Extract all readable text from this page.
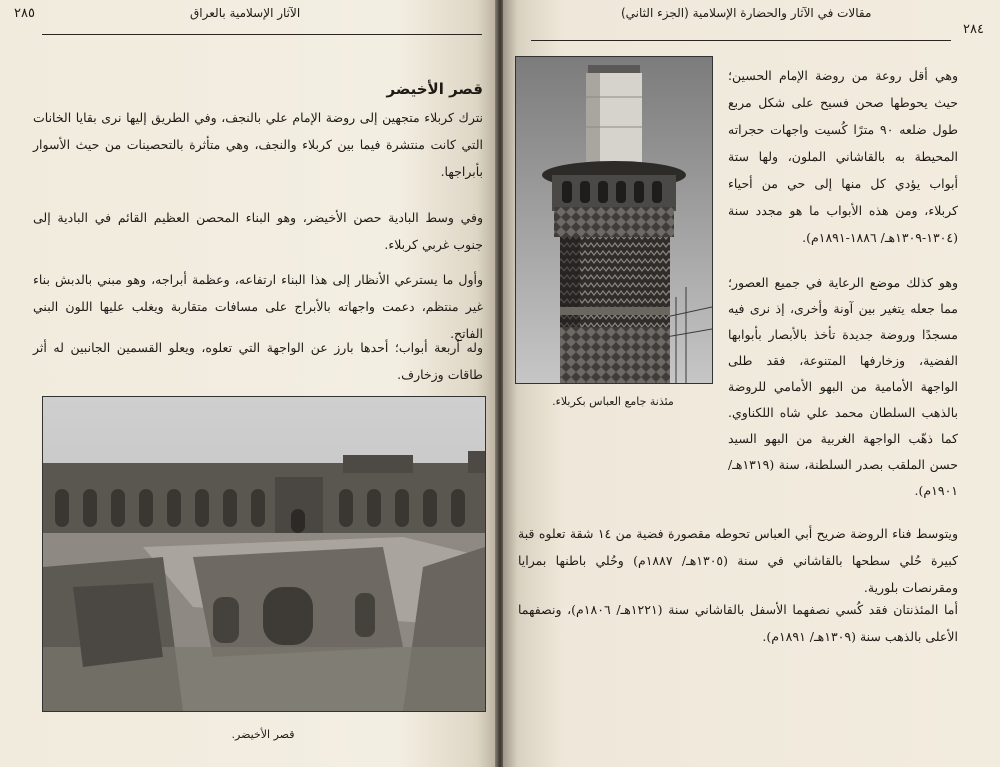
٢٨٥	الآثار الإسلامية بالعراق
قصر الأخيضر

نترك كربلاء متجهين إلى روضة الإمام علي بالنجف، وفي الطريق إليها نرى بقايا الخانات التي كانت منتشرة فيما بين كربلاء والنجف، وهي متأثرة بالتحصينات من حيث الأسوار بأبراجها.

وفي وسط البادية حصن الأخيضر، وهو البناء المحصن العظيم القائم في البادية إلى جنوب غربي كربلاء.

وأول ما يسترعي الأنظار إلى هذا البناء ارتفاعه، وعظمة أبراجه، وهو مبني بالدبش بناء غير منتظم، دعمت واجهاته بالأبراج على مسافات متقاربة ويغلب عليها اللون البني الفاتح.

وله أربعة أبواب؛ أحدها بارز عن الواجهة التي تعلوه، ويعلو القسمين الجانبين له أثر طاقات وزخارف.

قصر الأخيضر.
٢٨٤
مقالات في الآثار والحضارة الإسلامية (الجزء الثاني)
مئذنة جامع العباس بكربلاء.

وهي أقل روعة من روضة الإمام الحسين؛ حيث يحوطها صحن فسيح على شكل مربع طول ضلعه ٩٠ مترًا كُسيت واجهات حجراته المحيطة به بالقاشاني الملون، ولها ستة أبواب يؤدي كل منها إلى حي من أحياء كربلاء، ومن هذه الأبواب ما هو مجدد سنة (١٣٠٤-١٣٠٩هـ/ ١٨٨٦-١٨٩١م).

وهو كذلك موضع الرعاية في جميع العصور؛ مما جعله يتغير بين آونة وأخرى، إذ نرى فيه مسجدًا وروضة جديدة تأخذ بالأبصار بأبوابها الفضية، وزخارفها المتنوعة، فقد طلى الواجهة الأمامية من البهو الأمامي للروضة بالذهب السلطان محمد علي شاه اللكناوي. كما ذهّب الواجهة الغربية من البهو السيد حسن الملقب بصدر السلطنة، سنة (١٣١٩هـ/ ١٩٠١م).

ويتوسط فناء الروضة ضريح أبي العباس تحوطه مقصورة فضية من ١٤ شقة تعلوه قبة كبيرة حُلي سطحها بالقاشاني في سنة (١٣٠٥هـ/ ١٨٨٧م) وحُلي باطنها بمرايا ومقرنصات بلورية.

أما المئذنتان فقد كُسي نصفهما الأسفل بالقاشاني سنة (١٢٢١هـ/ ١٨٠٦م)، ونصفهما الأعلى بالذهب سنة (١٣٠٩هـ/ ١٨٩١م).
